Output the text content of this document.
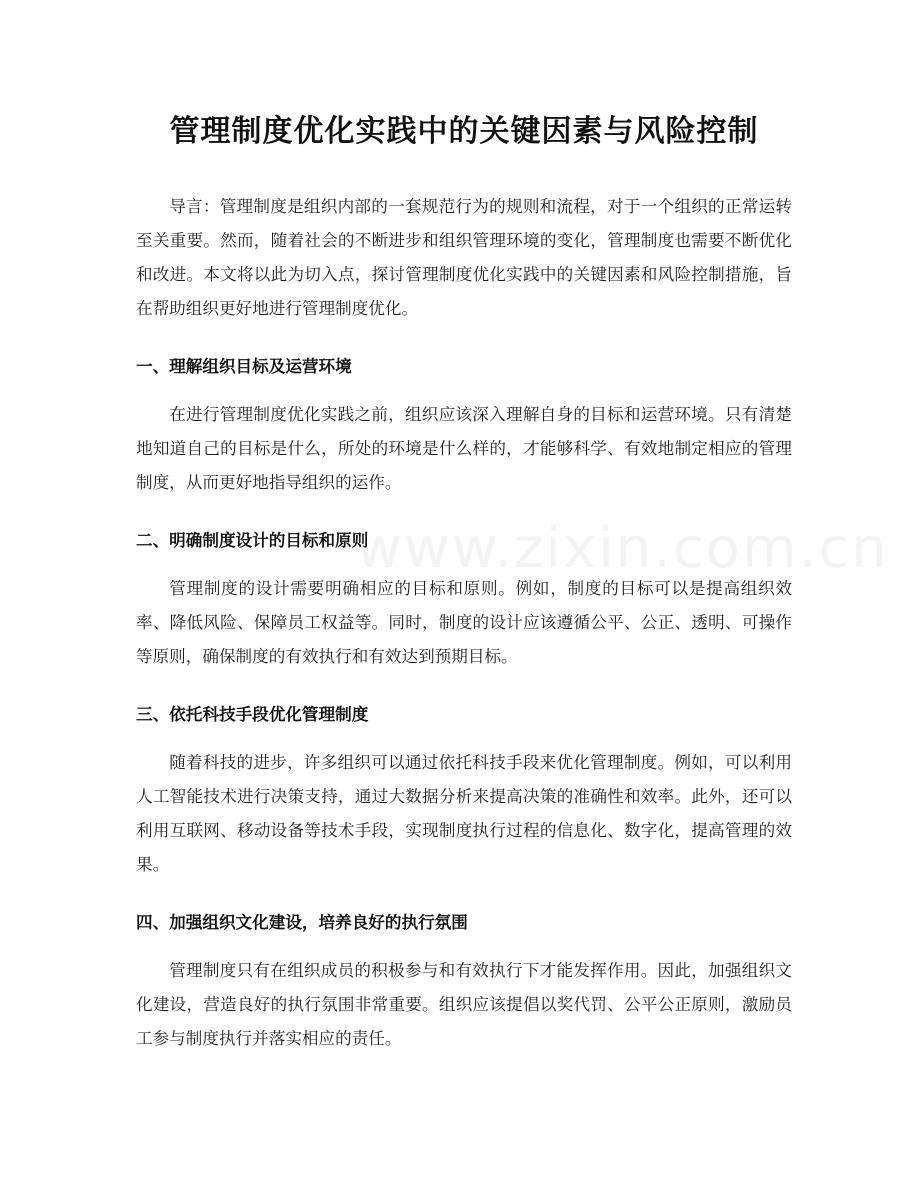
管理制度优化实践中的关键因素与风险控制

导言：管理制度是组织内部的一套规范行为的规则和流程，对于一个组织的正常运转至关重要。然而，随着社会的不断进步和组织管理环境的变化，管理制度也需要不断优化和改进。本文将以此为切入点，探讨管理制度优化实践中的关键因素和风险控制措施，旨在帮助组织更好地进行管理制度优化。

一、理解组织目标及运营环境

在进行管理制度优化实践之前，组织应该深入理解自身的目标和运营环境。只有清楚地知道自己的目标是什么，所处的环境是什么样的，才能够科学、有效地制定相应的管理制度，从而更好地指导组织的运作。

二、明确制度设计的目标和原则

管理制度的设计需要明确相应的目标和原则。例如，制度的目标可以是提高组织效率、降低风险、保障员工权益等。同时，制度的设计应该遵循公平、公正、透明、可操作等原则，确保制度的有效执行和有效达到预期目标。

三、依托科技手段优化管理制度

随着科技的进步，许多组织可以通过依托科技手段来优化管理制度。例如，可以利用人工智能技术进行决策支持，通过大数据分析来提高决策的准确性和效率。此外，还可以利用互联网、移动设备等技术手段，实现制度执行过程的信息化、数字化，提高管理的效果。

四、加强组织文化建设，培养良好的执行氛围

管理制度只有在组织成员的积极参与和有效执行下才能发挥作用。因此，加强组织文化建设，营造良好的执行氛围非常重要。组织应该提倡以奖代罚、公平公正原则，激励员工参与制度执行并落实相应的责任。

www.zixin.com.cn
